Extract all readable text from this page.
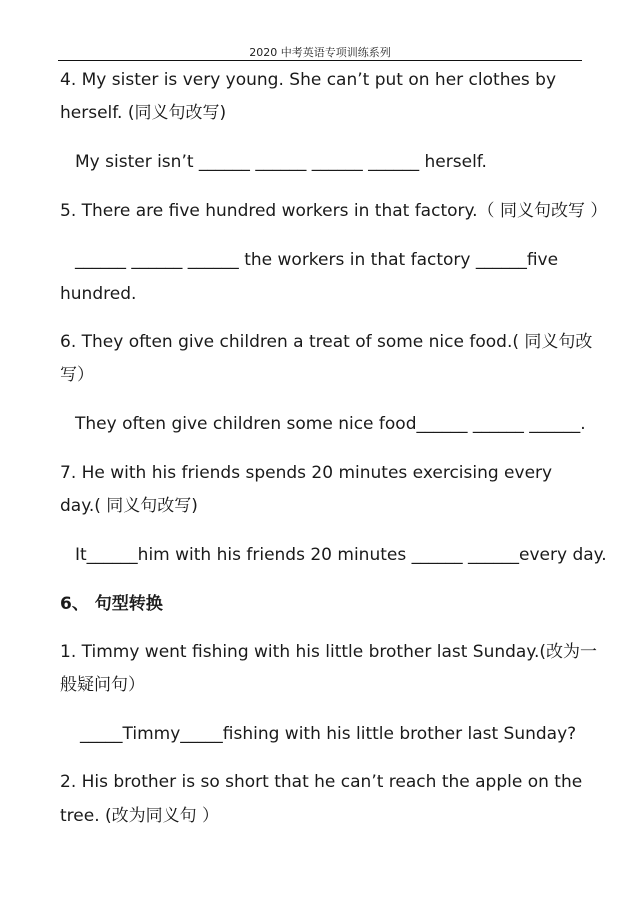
2020 中考英语专项训练系列
4. My sister is very young. She can’t put on her clothes by
herself. (同义句改写)
My sister isn’t ______ ______ ______ ______ herself.
5. There are five hundred workers in that factory.（ 同义句改写 ）
______ ______ ______ the workers in that factory ______five
hundred.
6. They often give children a treat of some nice food.( 同义句改
写）
They often give children some nice food______ ______ ______.
7. He with his friends spends 20 minutes exercising every
day.( 同义句改写)
It______him with his friends 20 minutes ______ ______every day.
6、 句型转换
1. Timmy went fishing with his little brother last Sunday.(改为一
般疑问句）
_____Timmy_____fishing with his little brother last Sunday?
2. His brother is so short that he can’t reach the apple on the
tree. (改为同义句 ）
